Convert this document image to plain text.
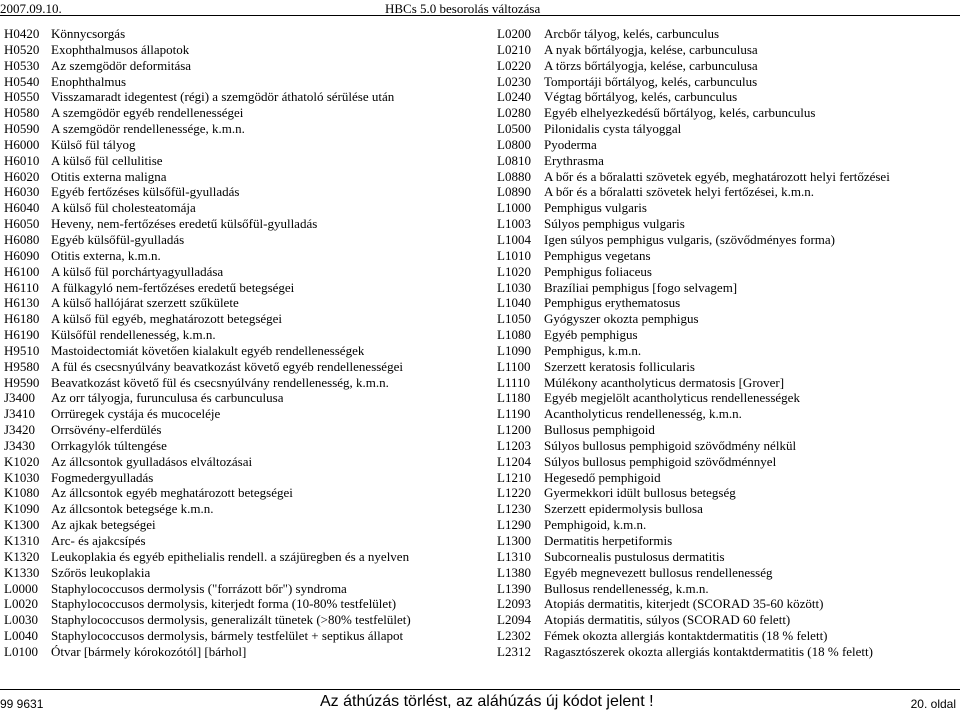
2007.09.10.	HBCs 5.0 besorolás változása
H0420 Könnycsorgás
H0520 Exophthalmusos állapotok
H0530 Az szemgödör deformitása
H0540 Enophthalmus
H0550 Visszamaradt idegentest (régi) a szemgödör áthatoló sérülése után
H0580 A szemgödör egyéb rendellenességei
H0590 A szemgödör rendellenessége, k.m.n.
H6000 Külső fül tályog
H6010 A külső fül cellulitise
H6020 Otitis externa maligna
H6030 Egyéb fertőzéses külsőfül-gyulladás
H6040 A külső fül cholesteatomája
H6050 Heveny, nem-fertőzéses eredetű külsőfül-gyulladás
H6080 Egyéb külsőfül-gyulladás
H6090 Otitis externa, k.m.n.
H6100 A külső fül porchártyagyulladása
H6110 A fülkagyló nem-fertőzéses eredetű betegségei
H6130 A külső hallójárat szerzett szűkülete
H6180 A külső fül egyéb, meghatározott betegségei
H6190 Külsőfül rendellenesség, k.m.n.
H9510 Mastoidectomiát követően kialakult egyéb rendellenességek
H9580 A fül és csecsnyúlvány beavatkozást követő egyéb rendellenességei
H9590 Beavatkozást követő fül és csecsnyúlvány rendellenesség, k.m.n.
J3400	Az orr tályogja, furunculusa és carbunculusa
J3410	Orrüregek cystája és mucoceléje
J3420	Orrsövény-elferdülés
J3430	Orrkagylók túltengése
K1020 Az állcsontok gyulladásos elváltozásai
K1030 Fogmedergyulladás
K1080 Az állcsontok egyéb meghatározott betegségei
K1090 Az állcsontok betegsége k.m.n.
K1300 Az ajkak betegségei
K1310 Arc- és ajakcsípés
K1320 Leukoplakia és egyéb epithelialis rendell. a szájüregben és a nyelven
K1330 Szőrös leukoplakia
L0000	Staphylococcusos dermolysis ("forrázott bőr") syndroma
L0020	Staphylococcusos dermolysis, kiterjedt forma (10-80% testfelület)
L0030	Staphylococcusos dermolysis, generalizált tünetek (>80% testfelület)
L0040	Staphylococcusos dermolysis, bármely testfelület + septikus állapot
L0100	Ótvar [bármely kórokozótól] [bárhol]
L0200	Arcbőr tályog, kelés, carbunculus
L0210	A nyak bőrtályogja, kelése, carbunculusa
L0220	A törzs bőrtályogja, kelése, carbunculusa
L0230	Tomportáji bőrtályog, kelés, carbunculus
L0240	Végtag bőrtályog, kelés, carbunculus
L0280	Egyéb elhelyezkedésű bőrtályog, kelés, carbunculus
L0500	Pilonidalis cysta tályoggal
L0800	Pyoderma
L0810	Erythrasma
L0880	A bőr és a bőralatti szövetek egyéb, meghatározott helyi fertőzései
L0890	A bőr és a bőralatti szövetek helyi fertőzései, k.m.n.
L1000	Pemphigus vulgaris
L1003	Súlyos pemphigus vulgaris
L1004	Igen súlyos pemphigus vulgaris, (szövődményes forma)
L1010	Pemphigus vegetans
L1020	Pemphigus foliaceus
L1030	Brazíliai pemphigus [fogo selvagem]
L1040	Pemphigus erythematosus
L1050	Gyógyszer okozta pemphigus
L1080	Egyéb pemphigus
L1090	Pemphigus, k.m.n.
L1100	Szerzett keratosis follicularis
L1110	Múlékony acantholyticus dermatosis [Grover]
L1180	Egyéb megjelölt acantholyticus rendellenességek
L1190	Acantholyticus rendellenesség, k.m.n.
L1200	Bullosus pemphigoid
L1203	Súlyos bullosus pemphigoid szövődmény nélkül
L1204	Súlyos bullosus pemphigoid szövődménnyel
L1210	Hegesedő pemphigoid
L1220	Gyermekkori idült bullosus betegség
L1230	Szerzett epidermolysis bullosa
L1290	Pemphigoid, k.m.n.
L1300	Dermatitis herpetiformis
L1310	Subcornealis pustulosus dermatitis
L1380	Egyéb megnevezett bullosus rendellenesség
L1390	Bullosus rendellenesség, k.m.n.
L2093	Atopiás dermatitis, kiterjedt (SCORAD 35-60 között)
L2094	Atopiás dermatitis, súlyos (SCORAD 60 felett)
L2302	Fémek okozta allergiás kontaktdermatitis (18 % felett)
L2312	Ragasztószerek okozta allergiás kontaktdermatitis (18 % felett)
99 9631	Az áthúzás törlést, az aláhúzás új kódot jelent !	20. oldal
